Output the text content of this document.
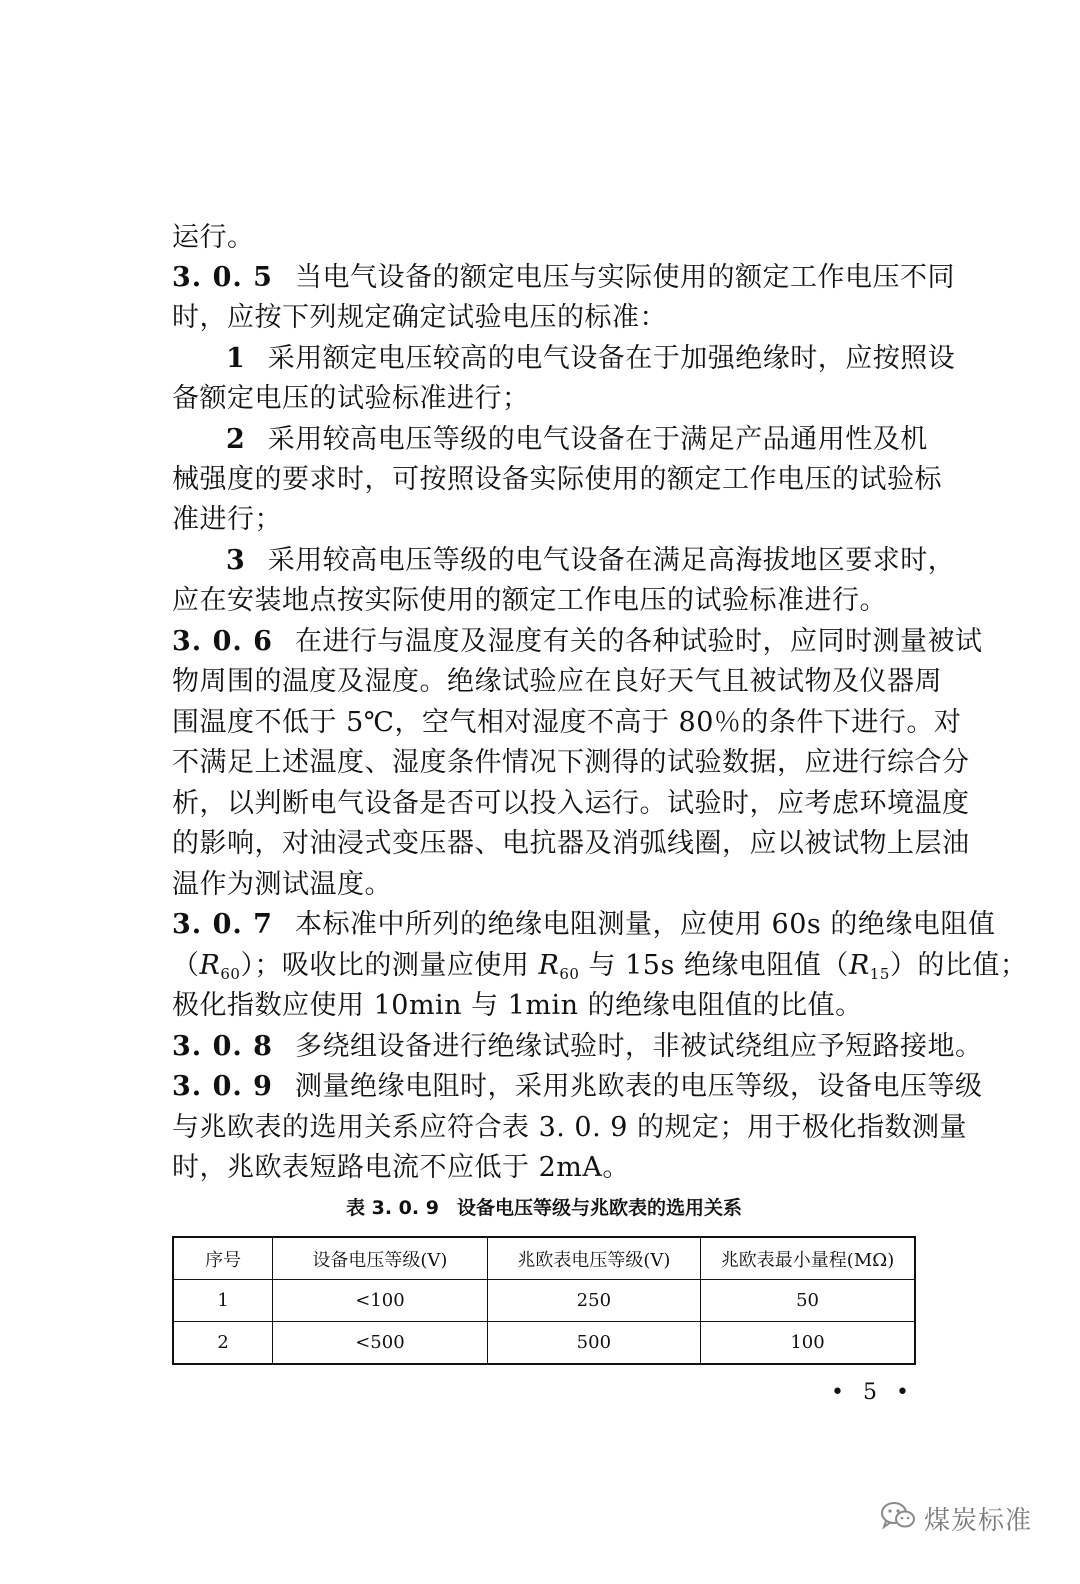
运行。
3. 0. 5 当电气设备的额定电压与实际使用的额定工作电压不同
时，应按下列规定确定试验电压的标准：
1 采用额定电压较高的电气设备在于加强绝缘时，应按照设
备额定电压的试验标准进行；
2 采用较高电压等级的电气设备在于满足产品通用性及机
械强度的要求时，可按照设备实际使用的额定工作电压的试验标
准进行；
3 采用较高电压等级的电气设备在满足高海拔地区要求时，
应在安装地点按实际使用的额定工作电压的试验标准进行。
3. 0. 6 在进行与温度及湿度有关的各种试验时，应同时测量被试
物周围的温度及湿度。绝缘试验应在良好天气且被试物及仪器周
围温度不低于 5℃，空气相对湿度不高于 80％的条件下进行。对
不满足上述温度、湿度条件情况下测得的试验数据，应进行综合分
析，以判断电气设备是否可以投入运行。试验时，应考虑环境温度
的影响，对油浸式变压器、电抗器及消弧线圈，应以被试物上层油
温作为测试温度。
3. 0. 7 本标准中所列的绝缘电阻测量，应使用 60s 的绝缘电阻值
$(R_{60})$；吸收比的测量应使用 $R_{60}$ 与 15s 绝缘电阻值$(R_{15})$的比值；
极化指数应使用 10min 与 1min 的绝缘电阻值的比值。
3. 0. 8 多绕组设备进行绝缘试验时，非被试绕组应予短路接地。
3. 0. 9 测量绝缘电阻时，采用兆欧表的电压等级，设备电压等级
与兆欧表的选用关系应符合表 3. 0. 9 的规定；用于极化指数测量
时，兆欧表短路电流不应低于 2mA。
表 3. 0. 9 设备电压等级与兆欧表的选用关系
序号	设备电压等级(V)	兆欧表电压等级(V)	兆欧表最小量程(MΩ)
1	<100	250	50
2	<500	500	100
• 5 •
煤炭标准
